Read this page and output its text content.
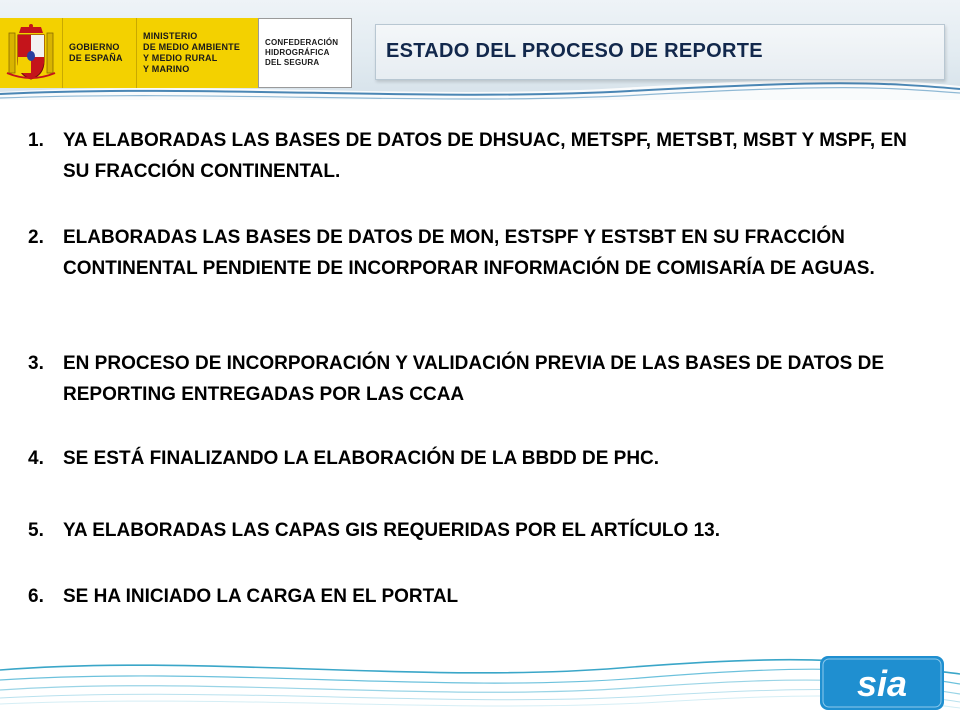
GOBIERNO
DE ESPAÑA
MINISTERIO
DE MEDIO AMBIENTE
Y MEDIO RURAL
Y MARINO
CONFEDERACIÓN
HIDROGRÁFICA
DEL SEGURA
ESTADO DEL PROCESO DE REPORTE
1.	YA ELABORADAS LAS BASES DE DATOS DE DHSUAC, METSPF, METSBT, MSBT Y MSPF, EN SU FRACCIÓN CONTINENTAL.
2.	ELABORADAS LAS BASES DE DATOS DE MON, ESTSPF Y ESTSBT EN SU FRACCIÓN CONTINENTAL PENDIENTE DE INCORPORAR INFORMACIÓN DE COMISARÍA DE AGUAS.
3.	EN PROCESO DE INCORPORACIÓN Y VALIDACIÓN PREVIA DE LAS BASES DE DATOS DE REPORTING ENTREGADAS POR LAS CCAA
4.	SE ESTÁ FINALIZANDO LA ELABORACIÓN DE LA BBDD DE PHC.
5.	YA ELABORADAS LAS CAPAS GIS REQUERIDAS POR EL ARTÍCULO 13.
6.	SE HA INICIADO LA CARGA EN EL PORTAL
sia
